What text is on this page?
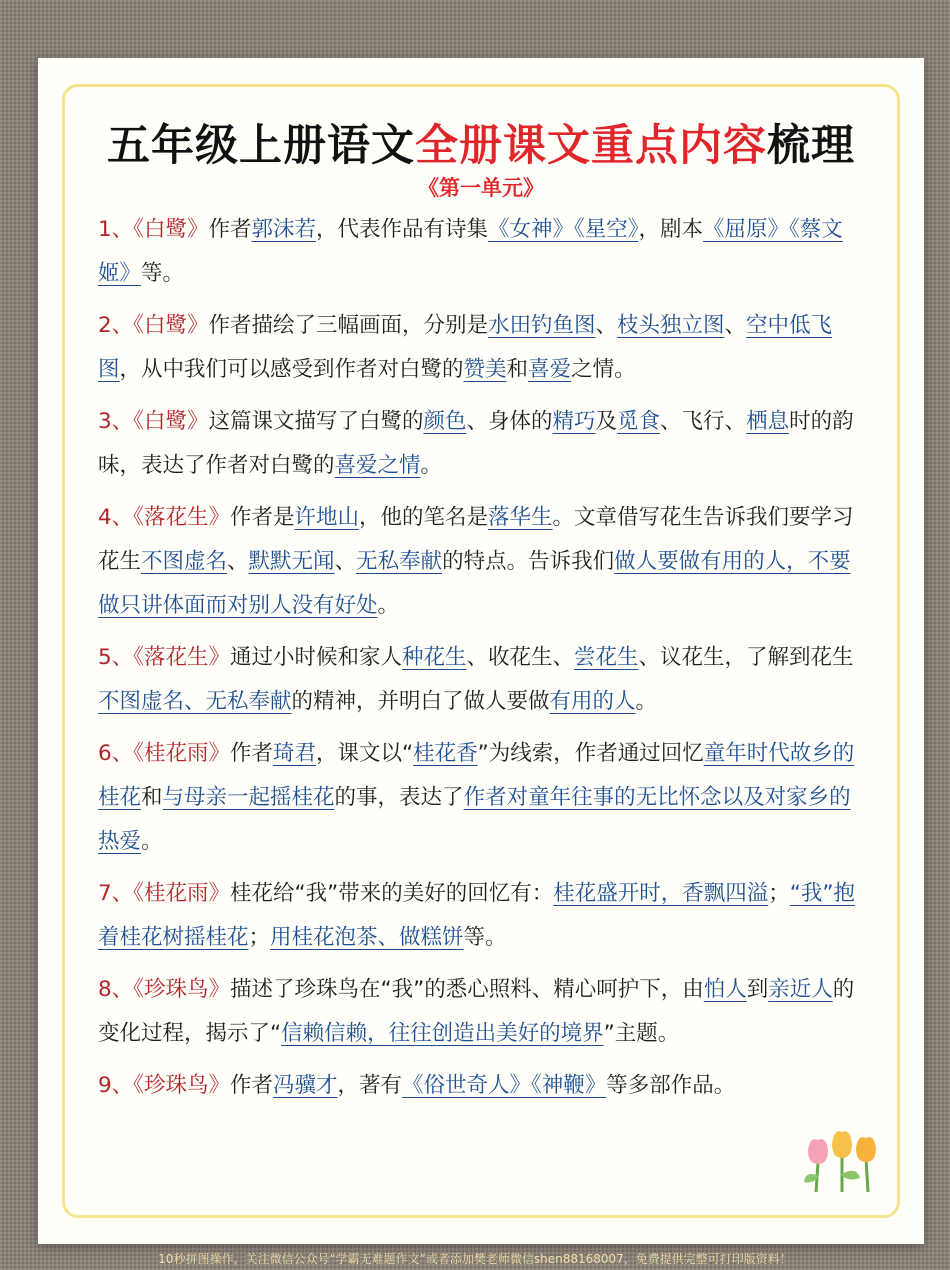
五年级上册语文全册课文重点内容梳理
《第一单元》
1、《白鹭》作者郭沫若，代表作品有诗集《女神》《星空》，剧本《屈原》《蔡文姬》等。
2、《白鹭》作者描绘了三幅画面，分别是水田钓鱼图、枝头独立图、空中低飞图，从中我们可以感受到作者对白鹭的赞美和喜爱之情。
3、《白鹭》这篇课文描写了白鹭的颜色、身体的精巧及觅食、飞行、栖息时的韵味，表达了作者对白鹭的喜爱之情。
4、《落花生》作者是许地山，他的笔名是落华生。文章借写花生告诉我们要学习花生不图虚名、默默无闻、无私奉献的特点。告诉我们做人要做有用的人，不要做只讲体面而对别人没有好处。
5、《落花生》通过小时候和家人种花生、收花生、尝花生、议花生，了解到花生不图虚名、无私奉献的精神，并明白了做人要做有用的人。
6、《桂花雨》作者琦君，课文以“桂花香”为线索，作者通过回忆童年时代故乡的桂花和与母亲一起摇桂花的事，表达了作者对童年往事的无比怀念以及对家乡的热爱。
7、《桂花雨》桂花给“我”带来的美好的回忆有：桂花盛开时，香飘四溢；“我”抱着桂花树摇桂花；用桂花泡茶、做糕饼等。
8、《珍珠鸟》描述了珍珠鸟在“我”的悉心照料、精心呵护下，由怕人到亲近人的变化过程，揭示了“信赖信赖，往往创造出美好的境界”主题。
9、《珍珠鸟》作者冯骥才，著有《俗世奇人》《神鞭》等多部作品。
10秒拼图操作，关注微信公众号“学霸无难题作文”或者添加樊老师微信shen88168007，免费提供完整可打印版资料！
